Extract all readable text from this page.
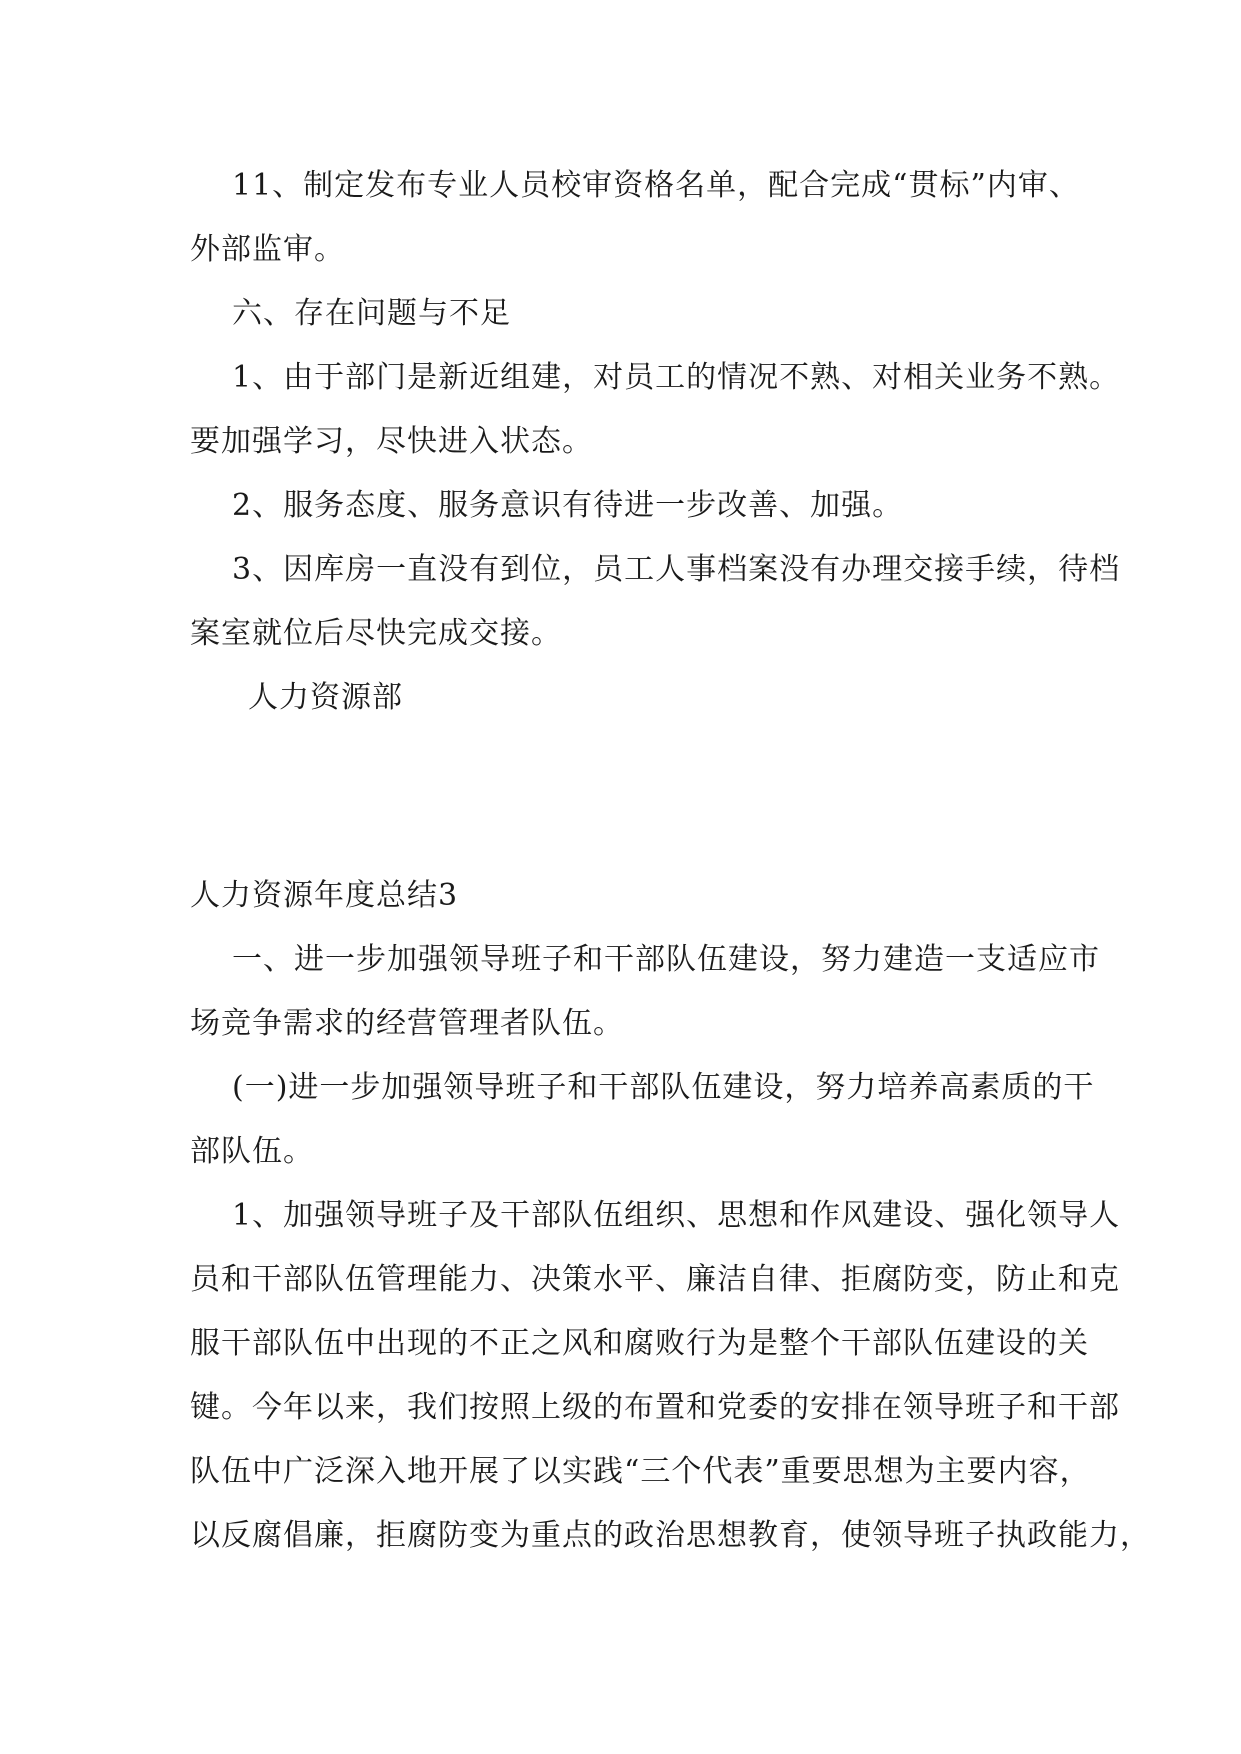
11、制定发布专业人员校审资格名单，配合完成“贯标”内审、
外部监审。
六、存在问题与不足
1、由于部门是新近组建，对员工的情况不熟、对相关业务不熟。
要加强学习，尽快进入状态。
2、服务态度、服务意识有待进一步改善、加强。
3、因库房一直没有到位，员工人事档案没有办理交接手续，待档
案室就位后尽快完成交接。
人力资源部
人力资源年度总结3
一、进一步加强领导班子和干部队伍建设，努力建造一支适应市
场竞争需求的经营管理者队伍。
(一)进一步加强领导班子和干部队伍建设，努力培养高素质的干
部队伍。
1、加强领导班子及干部队伍组织、思想和作风建设、强化领导人
员和干部队伍管理能力、决策水平、廉洁自律、拒腐防变，防止和克
服干部队伍中出现的不正之风和腐败行为是整个干部队伍建设的关
键。今年以来，我们按照上级的布置和党委的安排在领导班子和干部
队伍中广泛深入地开展了以实践“三个代表”重要思想为主要内容，
以反腐倡廉，拒腐防变为重点的政治思想教育，使领导班子执政能力，
